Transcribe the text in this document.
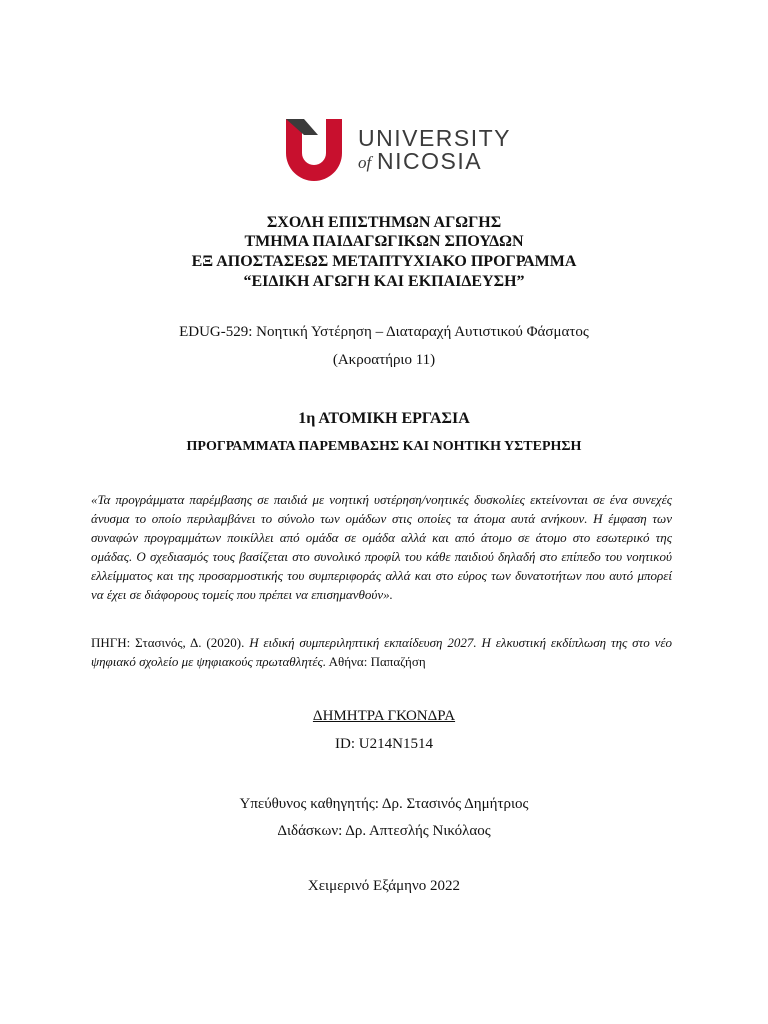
UNIVERSITY
of NICOSIA
ΣΧΟΛΗ ΕΠΙΣΤΗΜΩΝ ΑΓΩΓΗΣ
ΤΜΗΜΑ ΠΑΙΔΑΓΩΓΙΚΩΝ ΣΠΟΥΔΩΝ
ΕΞ ΑΠΟΣΤΑΣΕΩΣ ΜΕΤΑΠΤΥΧΙΑΚΟ ΠΡΟΓΡΑΜΜΑ
“ΕΙΔΙΚΗ ΑΓΩΓΗ ΚΑΙ ΕΚΠΑΙΔΕΥΣΗ”
EDUG-529: Νοητική Υστέρηση – Διαταραχή Αυτιστικού Φάσματος
(Ακροατήριο 11)
1η ΑΤΟΜΙΚΗ ΕΡΓΑΣΙΑ
ΠΡΟΓΡΑΜΜΑΤΑ ΠΑΡΕΜΒΑΣΗΣ ΚΑΙ ΝΟΗΤΙΚΗ ΥΣΤΕΡΗΣΗ
«Τα προγράμματα παρέμβασης σε παιδιά με νοητική υστέρηση/νοητικές δυσκολίες εκτείνονται σε ένα συνεχές άνυσμα το οποίο περιλαμβάνει το σύνολο των ομάδων στις οποίες τα άτομα αυτά ανήκουν. Η έμφαση των συναφών προγραμμάτων ποικίλλει από ομάδα σε ομάδα αλλά και από άτομο σε άτομο στο εσωτερικό της ομάδας. Ο σχεδιασμός τους βασίζεται στο συνολικό προφίλ του κάθε παιδιού δηλαδή στο επίπεδο του νοητικού ελλείμματος και της προσαρμοστικής του συμπεριφοράς αλλά και στο εύρος των δυνατοτήτων που αυτό μπορεί να έχει σε διάφορους τομείς που πρέπει να επισημανθούν».
ΠΗΓΗ: Στασινός, Δ. (2020). Η ειδική συμπεριληπτική εκπαίδευση 2027. Η ελκυστική εκδίπλωση της στο νέο ψηφιακό σχολείο με ψηφιακούς πρωταθλητές. Αθήνα: Παπαζήση
ΔΗΜΗΤΡΑ ΓΚΟΝΔΡΑ
ID: U214N1514
Υπεύθυνος καθηγητής: Δρ. Στασινός Δημήτριος
Διδάσκων: Δρ. Απτεσλής Νικόλαος
Χειμερινό Εξάμηνο 2022
